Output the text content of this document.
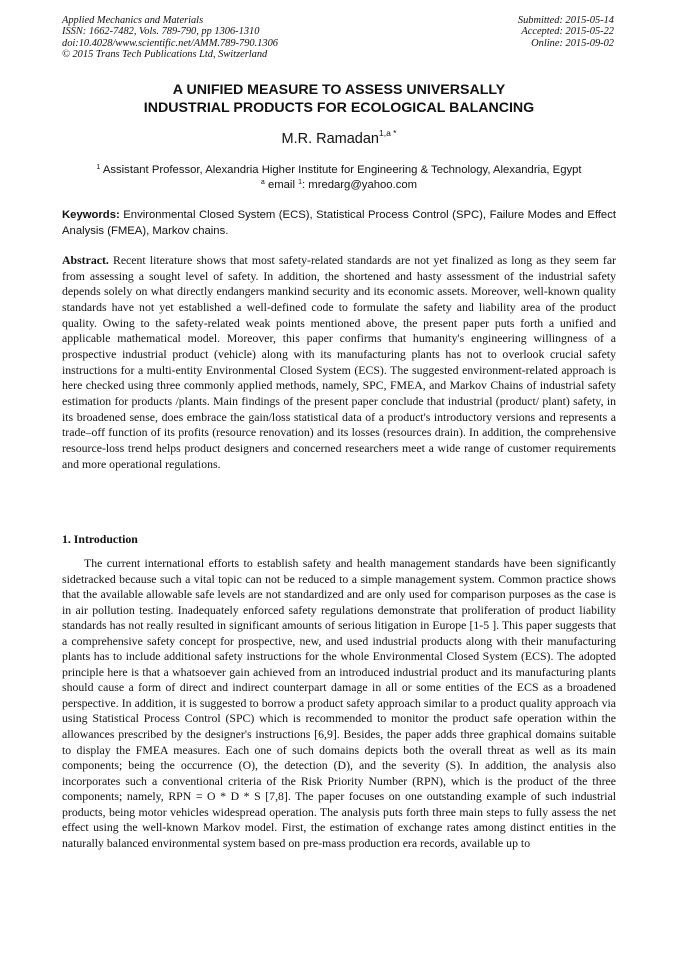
Applied Mechanics and Materials
ISSN: 1662-7482, Vols. 789-790, pp 1306-1310
doi:10.4028/www.scientific.net/AMM.789-790.1306
© 2015 Trans Tech Publications Ltd, Switzerland
Submitted: 2015-05-14
Accepted: 2015-05-22
Online: 2015-09-02
A UNIFIED MEASURE TO ASSESS UNIVERSALLY
INDUSTRIAL PRODUCTS FOR ECOLOGICAL BALANCING
M.R. Ramadan$^{1,a *}$
$^1$ Assistant Professor, Alexandria Higher Institute for Engineering & Technology, Alexandria, Egypt
$^a$ email $^1$: mredarg@yahoo.com
Keywords: Environmental Closed System (ECS), Statistical Process Control (SPC), Failure Modes and Effect Analysis (FMEA), Markov chains.
Abstract. Recent literature shows that most safety-related standards are not yet finalized as long as they seem far from assessing a sought level of safety. In addition, the shortened and hasty assessment of the industrial safety depends solely on what directly endangers mankind security and its economic assets. Moreover, well-known quality standards have not yet established a well-defined code to formulate the safety and liability area of the product quality. Owing to the safety-related weak points mentioned above, the present paper puts forth a unified and applicable mathematical model. Moreover, this paper confirms that humanity's engineering willingness of a prospective industrial product (vehicle) along with its manufacturing plants has not to overlook crucial safety instructions for a multi-entity Environmental Closed System (ECS). The suggested environment-related approach is here checked using three commonly applied methods, namely, SPC, FMEA, and Markov Chains of industrial safety estimation for products /plants. Main findings of the present paper conclude that industrial (product/ plant) safety, in its broadened sense, does embrace the gain/loss statistical data of a product's introductory versions and represents a trade–off function of its profits (resource renovation) and its losses (resources drain). In addition, the comprehensive resource-loss trend helps product designers and concerned researchers meet a wide range of customer requirements and more operational regulations.
1. Introduction
The current international efforts to establish safety and health management standards have been significantly sidetracked because such a vital topic can not be reduced to a simple management system. Common practice shows that the available allowable safe levels are not standardized and are only used for comparison purposes as the case is in air pollution testing. Inadequately enforced safety regulations demonstrate that proliferation of product liability standards has not really resulted in significant amounts of serious litigation in Europe [1-5 ]. This paper suggests that a comprehensive safety concept for prospective, new, and used industrial products along with their manufacturing plants has to include additional safety instructions for the whole Environmental Closed System (ECS). The adopted principle here is that a whatsoever gain achieved from an introduced industrial product and its manufacturing plants should cause a form of direct and indirect counterpart damage in all or some entities of the ECS as a broadened perspective. In addition, it is suggested to borrow a product safety approach similar to a product quality approach via using Statistical Process Control (SPC) which is recommended to monitor the product safe operation within the allowances prescribed by the designer's instructions [6,9]. Besides, the paper adds three graphical domains suitable to display the FMEA measures. Each one of such domains depicts both the overall threat as well as its main components; being the occurrence (O), the detection (D), and the severity (S). In addition, the analysis also incorporates such a conventional criteria of the Risk Priority Number (RPN), which is the product of the three components; namely, RPN = O * D * S [7,8]. The paper focuses on one outstanding example of such industrial products, being motor vehicles widespread operation. The analysis puts forth three main steps to fully assess the net effect using the well-known Markov model. First, the estimation of exchange rates among distinct entities in the naturally balanced environmental system based on pre-mass production era records, available up to
